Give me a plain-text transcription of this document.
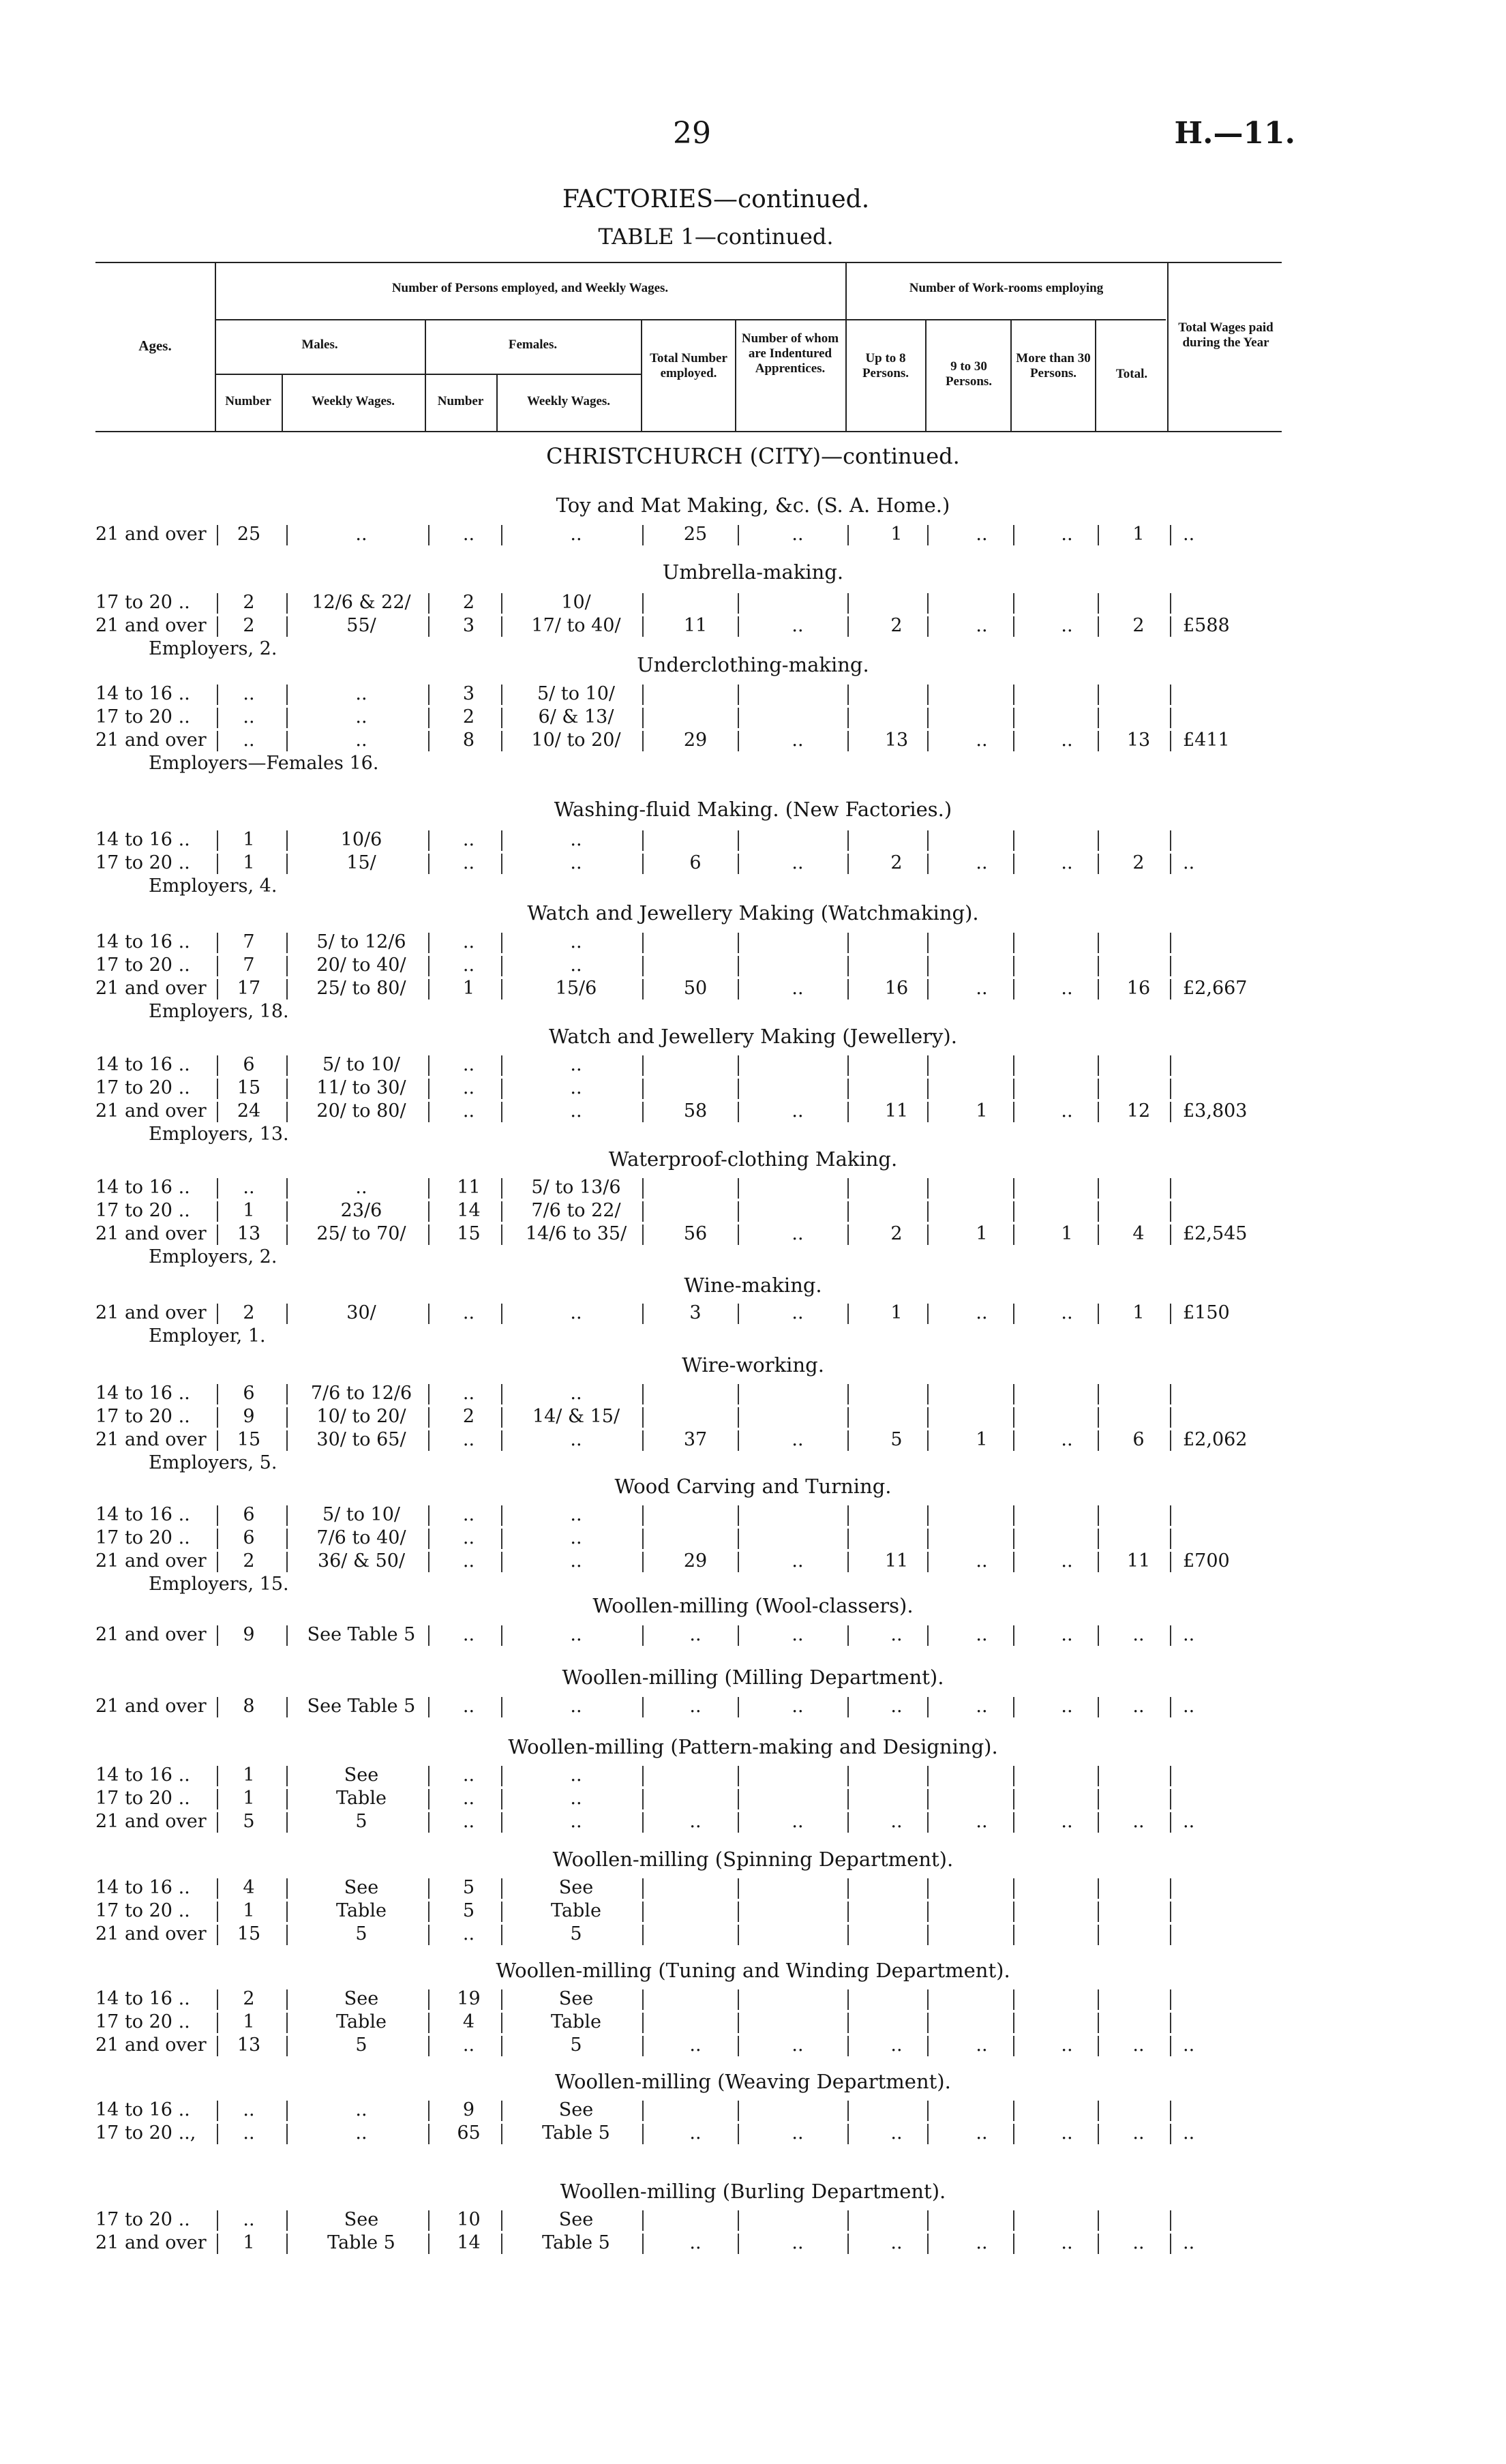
29	H.—11.
FACTORIES—continued.
TABLE 1—continued.
Ages.
Number of Persons employed, and Weekly Wages.	Number of Work-rooms employing
Males.	Females.
Number	Weekly Wages.	Number	Weekly Wages.
Total Number employed.
Number of whom are Indentured Apprentices.
Up to 8 Persons.	9 to 30 Persons.
More than 30 Persons.	Total.
Total Wages paid during the Year
CHRISTCHURCH (CITY)—continued.
Toy and Mat Making, &c. (S. A. Home.)
21 and over	25	..	..	..	25	..	1	..	..	1	..
Umbrella-making.
17 to 20 ..	2	12/6 & 22/	2	10/
21 and over	2	55/	3	17/ to 40/	11	..	2	..	..	2	£588
Employers, 2.
Underclothing-making.
14 to 16 ..	..	..	3	5/ to 10/
17 to 20 ..	..	..	2	6/ & 13/
21 and over	..	..	8	10/ to 20/	29	..	13	..	..	13	£411
Employers—Females 16.
Washing-fluid Making. (New Factories.)
14 to 16 ..	1	10/6	..	..
17 to 20 ..	1	15/	..	..	6	..	2	..	..	2	..
Employers, 4.
Watch and Jewellery Making (Watchmaking).
14 to 16 ..	7	5/ to 12/6	..	..
17 to 20 ..	7	20/ to 40/	..	..
21 and over	17	25/ to 80/	1	15/6	50	..	16	..	..	16	£2,667
Employers, 18.
Watch and Jewellery Making (Jewellery).
14 to 16 ..	6	5/ to 10/	..	..
17 to 20 ..	15	11/ to 30/	..	..
21 and over	24	20/ to 80/	..	..	58	..	11	1	..	12	£3,803
Employers, 13.
Waterproof-clothing Making.
14 to 16 ..	..	..	11	5/ to 13/6
17 to 20 ..	1	23/6	14	7/6 to 22/
21 and over	13	25/ to 70/	15	14/6 to 35/	56	..	2	1	1	4	£2,545
Employers, 2.
Wine-making.
21 and over	2	30/	..	..	3	..	1	..	..	1	£150
Employer, 1.
Wire-working.
14 to 16 ..	6	7/6 to 12/6	..	..
17 to 20 ..	9	10/ to 20/	2	14/ & 15/
21 and over	15	30/ to 65/	..	..	37	..	5	1	..	6	£2,062
Employers, 5.
Wood Carving and Turning.
14 to 16 ..	6	5/ to 10/	..	..
17 to 20 ..	6	7/6 to 40/	..	..
21 and over	2	36/ & 50/	..	..	29	..	11	..	..	11	£700
Employers, 15.
Woollen-milling (Wool-classers).
21 and over	9	See Table 5	..	..	..	..	..	..	..	..	..
Woollen-milling (Milling Department).
21 and over	8	See Table 5	..	..	..	..	..	..	..	..	..
Woollen-milling (Pattern-making and Designing).
14 to 16 ..	1	See	..	..
17 to 20 ..	1	Table	..	..
21 and over	5	5	..	..	..	..	..	..	..	..	..
Woollen-milling (Spinning Department).
14 to 16 ..	4	See	5	See
17 to 20 ..	1	Table	5	Table
21 and over	15	5	..	5
Woollen-milling (Tuning and Winding Department).
14 to 16 ..	2	See	19	See
17 to 20 ..	1	Table	4	Table
21 and over	13	5	..	5	..	..	..	..	..	..	..
Woollen-milling (Weaving Department).
14 to 16 ..	..	..	9	See
17 to 20 ..,	..	..	65	Table 5	..	..	..	..	..	..	..
Woollen-milling (Burling Department).
17 to 20 ..	..	See	10	See
21 and over	1	Table 5	14	Table 5	..	..	..	..	..	..	..
